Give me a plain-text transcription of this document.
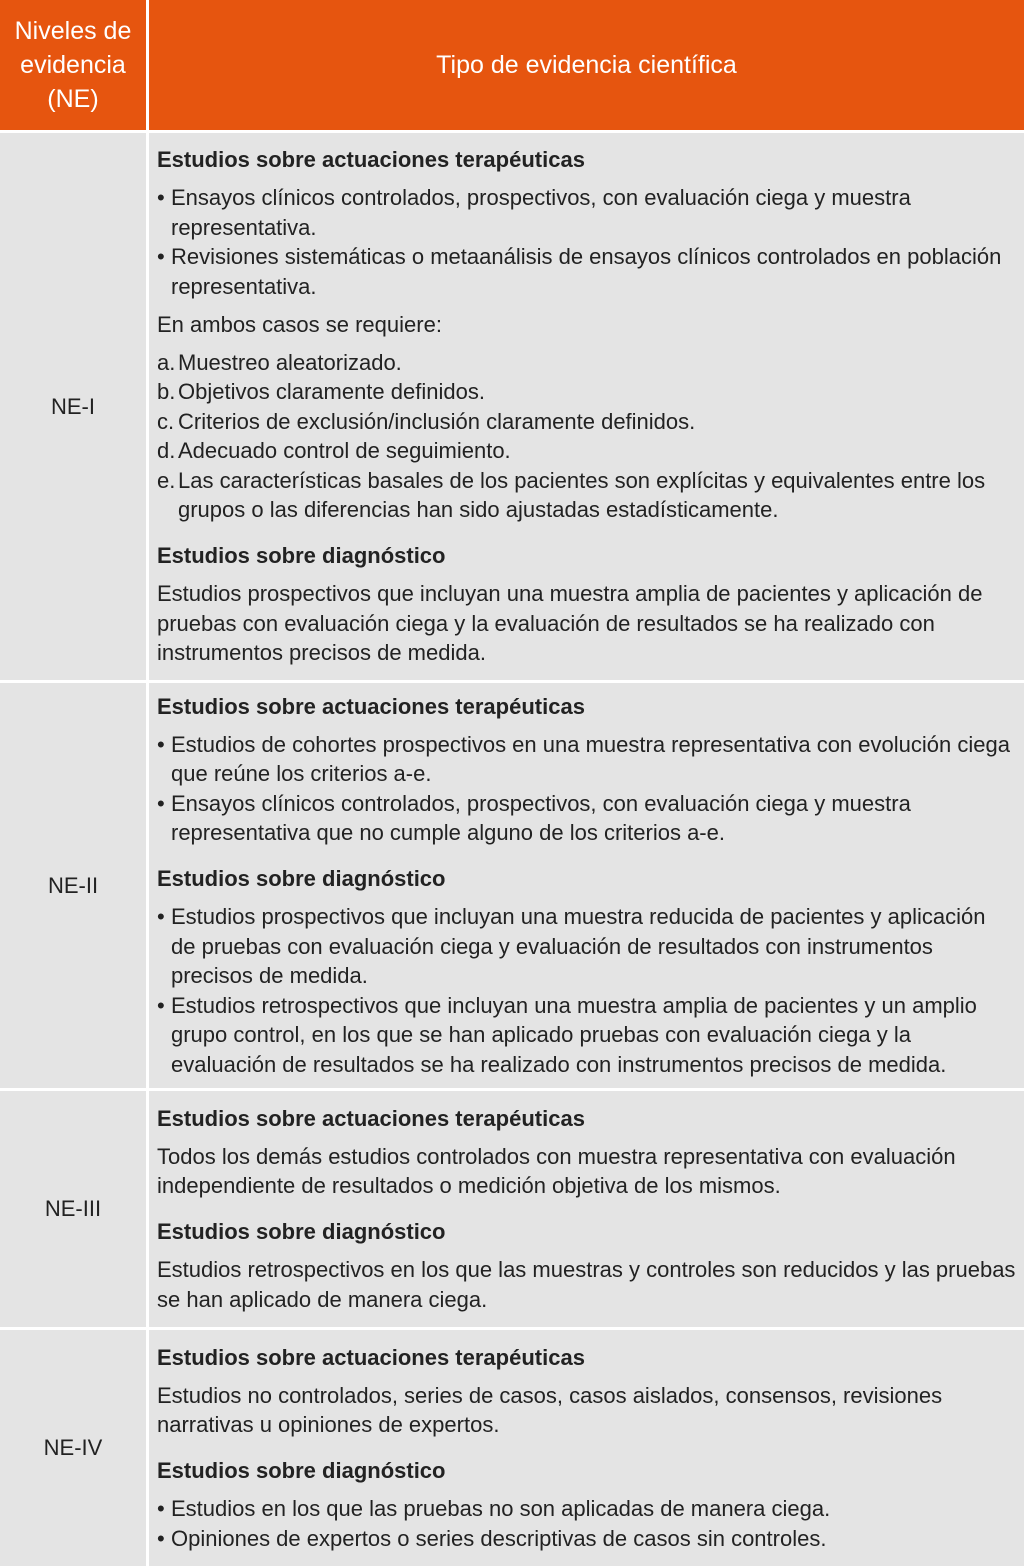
Niveles de evidencia (NE)
Tipo de evidencia científica
NE-I
Estudios sobre actuaciones terapéuticas
• Ensayos clínicos controlados, prospectivos, con evaluación ciega y muestra representativa.
• Revisiones sistemáticas o metaanálisis de ensayos clínicos controlados en población representativa.

En ambos casos se requiere:

a. Muestreo aleatorizado.
b. Objetivos claramente definidos.
c. Criterios de exclusión/inclusión claramente definidos.
d. Adecuado control de seguimiento.
e. Las características basales de los pacientes son explícitas y equivalentes entre los grupos o las diferencias han sido ajustadas estadísticamente.
Estudios sobre diagnóstico

Estudios prospectivos que incluyan una muestra amplia de pacientes y aplicación de pruebas con evaluación ciega y la evaluación de resultados se ha realizado con instrumentos precisos de medida.

NE-II
Estudios sobre actuaciones terapéuticas
• Estudios de cohortes prospectivos en una muestra representativa con evolución ciega que reúne los criterios a-e.
• Ensayos clínicos controlados, prospectivos, con evaluación ciega y muestra representativa que no cumple alguno de los criterios a-e.
Estudios sobre diagnóstico
• Estudios prospectivos que incluyan una muestra reducida de pacientes y aplicación de pruebas con evaluación ciega y evaluación de resultados con instrumentos precisos de medida.
• Estudios retrospectivos que incluyan una muestra amplia de pacientes y un amplio grupo control, en los que se han aplicado pruebas con evaluación ciega y la evaluación de resultados se ha realizado con instrumentos precisos de medida.
NE-III
Estudios sobre actuaciones terapéuticas

Todos los demás estudios controlados con muestra representativa con evaluación independiente de resultados o medición objetiva de los mismos.

Estudios sobre diagnóstico

Estudios retrospectivos en los que las muestras y controles son reducidos y las pruebas se han aplicado de manera ciega.

NE-IV
Estudios sobre actuaciones terapéuticas

Estudios no controlados, series de casos, casos aislados, consensos, revisiones narrativas u opiniones de expertos.

Estudios sobre diagnóstico
• Estudios en los que las pruebas no son aplicadas de manera ciega.
• Opiniones de expertos o series descriptivas de casos sin controles.
